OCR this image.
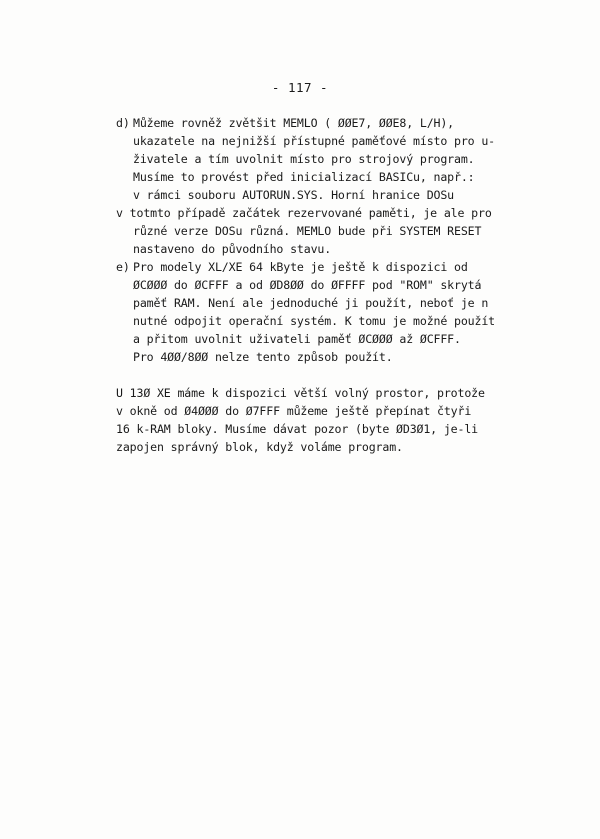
- 117 -
d) Můžeme rovněž zvětšit MEMLO ( ØØE7, ØØE8, L/H),
ukazatele na nejnižší přístupné paměťové místo pro u-
živatele a tím uvolnit místo pro strojový program.
Musíme to provést před inicializací BASICu, např.:
v rámci souboru AUTORUN.SYS. Horní hranice DOSu
v totmto případě začátek rezervované paměti, je ale pro
různé verze DOSu různá. MEMLO bude při SYSTEM RESET
nastaveno do původního stavu.
e) Pro modely XL/XE 64 kByte je ještě k dispozici od
ØCØØØ do ØCFFF a od ØD8ØØ do ØFFFF pod "ROM" skrytá
paměť RAM. Není ale jednoduché ji použít, neboť je n
nutné odpojit operační systém. K tomu je možné použít
a přitom uvolnit uživateli paměť ØCØØØ až ØCFFF.
Pro 4ØØ/8ØØ nelze tento způsob použít.
U 13Ø XE máme k dispozici větší volný prostor, protože
v okně od Ø4ØØØ do Ø7FFF můžeme ještě přepínat čtyři
16 k-RAM bloky. Musíme dávat pozor (byte ØD3Ø1, je-li
zapojen správný blok, když voláme program.
